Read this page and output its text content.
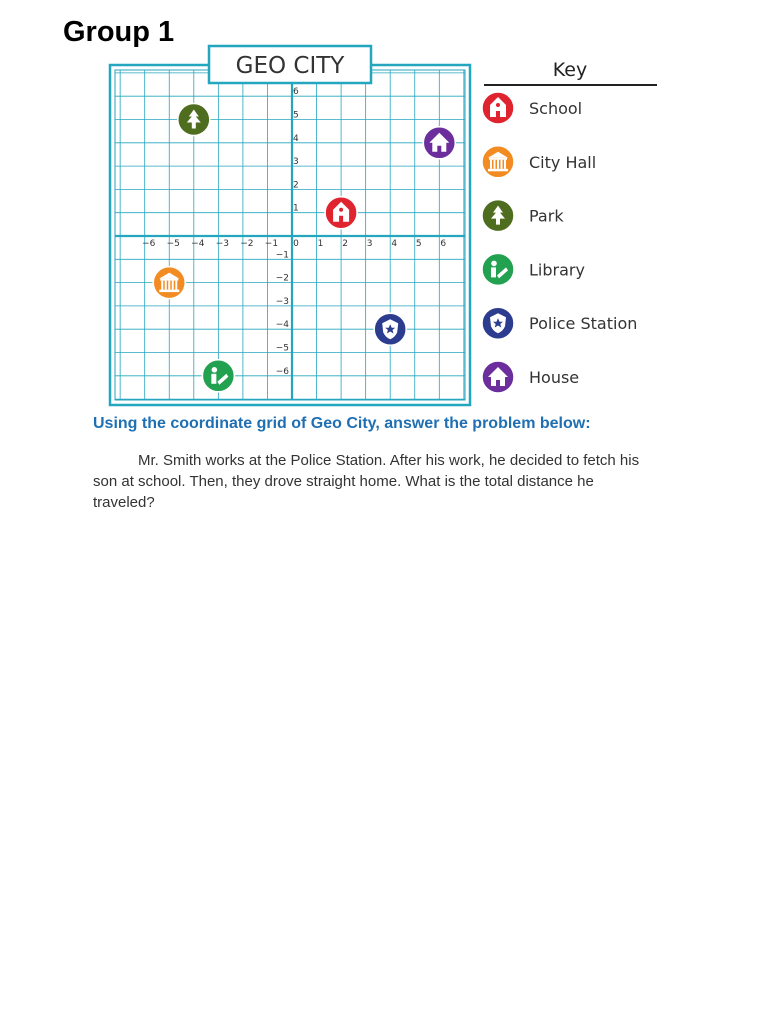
Group 1
−6 −5 −4 −3 −2 −1 0 1 2 3 4 5 6
6
5
4
3
2
1
−1
−2
−3
−4
−5
−6
GEO CITY	Key
School
City Hall
Park
Library
Police Station
House

Using the coordinate grid of Geo City, answer the problem below:

Mr. Smith works at the Police Station. After his work, he decided to fetch his son at school. Then, they drove straight home. What is the total distance he traveled?
